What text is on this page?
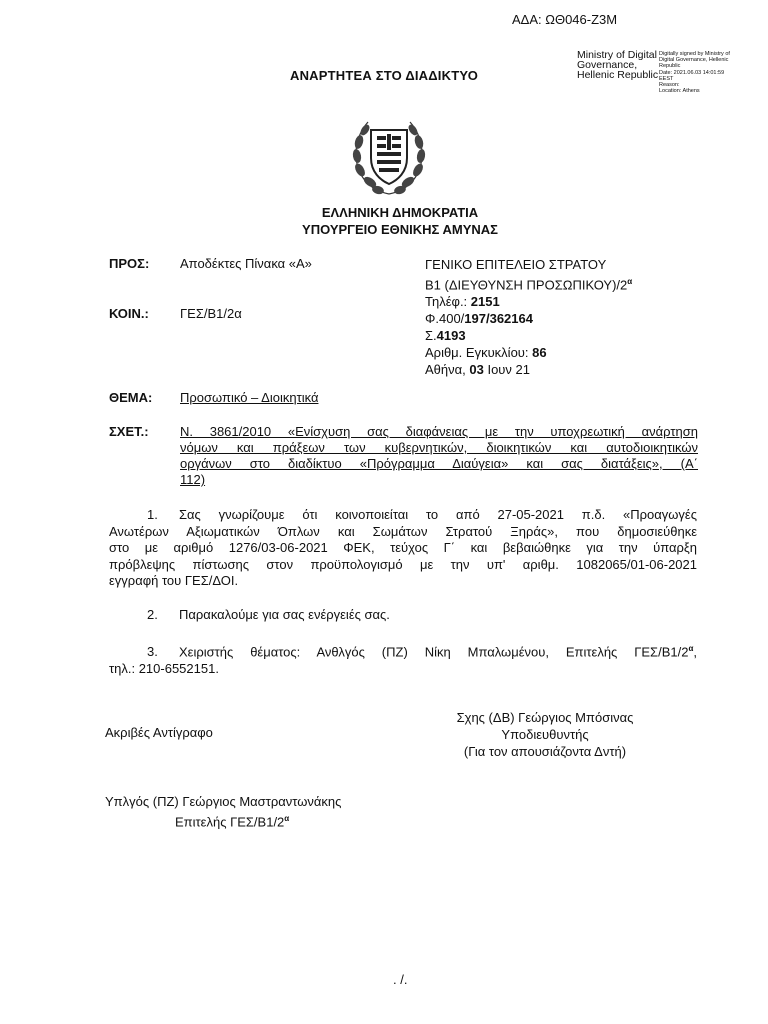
ΑΔΑ: ΩΘ046-Ζ3Μ
Ministry of Digital
Governance,
Hellenic Republic
Digitally signed by Ministry of
Digital Governance, Hellenic
Republic
Date: 2021.06.03 14:01:59
EEST
Reason:
Location: Athens
ΑΝΑΡΤΗΤΕΑ ΣΤΟ ΔΙΑΔΙΚΤΥΟ
ΕΛΛΗΝΙΚΗ ΔΗΜΟΚΡΑΤΙΑ
ΥΠΟΥΡΓΕΙΟ ΕΘΝΙΚΗΣ ΑΜΥΝΑΣ
ΠΡΟΣ: Αποδέκτες Πίνακα «Α»
ΚΟΙΝ.: ΓΕΣ/Β1/2α
ΓΕΝΙΚΟ ΕΠΙΤΕΛΕΙΟ ΣΤΡΑΤΟΥ
Β1 (ΔΙΕΥΘΥΝΣΗ $\Pi PO\Sigma\Omega\Pi IKO\Upsilon)/2^\alpha$
Τηλέφ.: 2151
Φ.400/197/362164
Σ.4193
Αριθμ. Εγκυκλίου: 86
Αθήνα, 03 Ιουν 21
ΘΕΜΑ: Προσωπικό – Διοικητικά
ΣΧΕΤ.: Ν. 3861/2010 «Ενίσχυση σας διαφάνειας με την υποχρεωτική ανάρτηση
νόμων και πράξεων των κυβερνητικών, διοικητικών και αυτοδιοικητικών
οργάνων στο διαδίκτυο «Πρόγραμμα Διαύγεια» και σας διατάξεις», (Α΄
112)
1. Σας γνωρίζουμε ότι κοινοποιείται το από 27-05-2021 π.δ. «Προαγωγές
Ανωτέρων Αξιωματικών Όπλων και Σωμάτων Στρατού Ξηράς», που δημοσιεύθηκε
στο με αριθμό 1276/03-06-2021 ΦΕΚ, τεύχος Γ΄ και βεβαιώθηκε για την ύπαρξη
πρόβλεψης πίστωσης στον προϋπολογισμό με την υπ' αριθμ. 1082065/01-06-2021
εγγραφή του ΓΕΣ/ΔΟΙ.
2. Παρακαλούμε για σας ενέργειές σας.
3. Χειριστής θέματος: Ανθλγός (ΠΖ) Νίκη Μπαλωμένου, Επιτελής ΓΕΣ/$B1/2^\alpha$,
τηλ.: 210-6552151.
Ακριβές Αντίγραφο
Σχης (ΔΒ) Γεώργιος Μπόσινας
Υποδιευθυντής
(Για τον απουσιάζοντα Δντή)
Υπλγός (ΠΖ) Γεώργιος Μαστραντωνάκης
Επιτελής ΓΕΣ/$B1/2^\alpha$
. /.
